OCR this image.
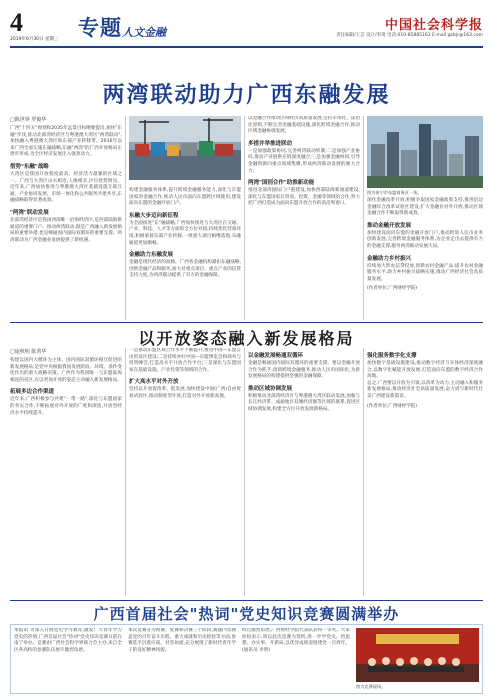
4
2019年6月30日 星期三 专题 人文金融	中国社会科学报
责任编辑/王芸 设计/李琦 电话:010-85885163 E-mail:gsbjr@163.com
两湾联动助力广西东融发展
□陈世界 罗俊华
广西"十四五"规划和2035年远景目标纲要提出,加快"东融"步伐,推动北部湾经济区与粤港澳大湾区"两湾联动",加快融入粤港澳大湾区和东部产业转移带。2016年以来广西全面实施东融战略,东融"两湾"的广西开放格局正逐步形成,为全区经济发展注入强劲动力。
借势"东融"战略
大湾区是我国开放程度最高、经济活力最强的区域之一。广西与大湾区山水相连,人缘相亲,区位优势明显。近年来,广西加快推进与粤港澳大湾区基础设施互联互通、产业协同发展、市场一体化和公共服务共建共享,东融战略取得显著成效。
"两湾"联动发展
北部湾经济区是我国西部唯一沿海经济区,是西部陆海新通道的重要门户。推动两湾联动,既是广西融入新发展格局的重要举措,也是畅通国内国际双循环的重要支撑。两湾联动为广西金融业发展提供了新机遇。
构建金融服务体系,提升跨境金融服务能力,深化与东盟国家的金融合作,推动人民币面向东盟跨区域使用,建设面向东盟的金融开放门户。
东融大步迈向新征程
为全面推进"东"融战略,广西加快推进与大湾区在交通、产业、科技、人才等方面的全方位对接,持续优化营商环境,积极承接东部产业转移,一批重大项目相继落地,东融通道更加顺畅。
金融助力东融发展
金融是现代经济的血脉。广西各金融机构紧扣东融战略,创新金融产品和服务,加大对重点项目、重点产业的信贷支持力度,为两湾联动提供了有力的金融保障。
以金融合作推动区域经济高质量发展,坚持市场化、法治化原则,不断完善金融基础设施,深化跨境金融合作,推动区域金融协调发展。
多措并举推进联动
一是加强政策协同,完善两湾联动机制;二是加强产业协同,推动产业链供应链深度融合;三是加强金融协同,引导金融资源向重点领域集聚,形成两湾联动发展的强大合力。
两湾"国别合作"助推新动能
推进北部湾国际门户港建设,加快西部陆海新通道建设,深化与东盟国家在贸易、投资、金融等领域的合作,努力把广西打造成为面向东盟开放合作的前沿和窗口。
深化金融改革开放,积极争取国家金融政策支持,推进沿边金融综合改革试验区建设,扩大金融业对外开放,推动区域金融合作不断取得新成效。
推动金融开放发展
加快建设面向东盟的金融开放门户,推动跨境人民币业务创新发展,完善跨境金融服务体系,为企业走出去提供有力的金融支撑,服务两湾联动发展大局。
金融助力乡村振兴
持续加大涉农信贷投放,创新农村金融产品,提升农村金融服务水平,助力乡村振兴战略实施,推动广西经济社会高质量发展。
(作者单位:广西财经学院)
图为南宁市东盟商务区一角。
以开放姿态融入新发展格局
□庞秋明 陈善华
构建以国内大循环为主体、国内国际双循环相互促进的新发展格局,是党中央根据我国发展阶段、环境、条件变化作出的重大战略决策。广西作为我国唯一与东盟陆海相连的省区,应以更加开放的姿态主动融入新发展格局。
拓展多边合作渠道
近年来,广西积极参与共建"一带一路",深化与东盟国家的务实合作,不断拓展对外开放的广度和深度,开放型经济水平持续提升。
一是推动东盟区域合作水平不断提升,推进中国—东盟自由贸易区建设;二是持续办好中国—东盟博览会和商务与投资峰会,打造高水平开放合作平台;三是深化与东盟国家在基础设施、产业投资等领域的合作。
扩大高水平对外开放
坚持以开放促改革、促发展,加快建设中国(广西)自由贸易试验区,推动制度型开放,打造对外开放新高地。
以金融发展畅通双循环
金融是畅通国内国际双循环的重要支撑。要以金融开放合作为抓手,创新跨境金融服务,推动人民币国际化,为新发展格局的构建提供坚强的金融保障。
推动区域协调发展
积极推动北部湾经济区与粤港澳大湾区联动发展,加强与长江经济带、成渝地区双城经济圈等区域的联系,促进区域协调发展,构建全方位开放发展新格局。
强化服务数字化支撑
加快数字基础设施建设,推动数字经济与实体经济深度融合,以数字化赋能开放发展,打造面向东盟的数字经济合作高地。
总之,广西要以开放为引领,以改革为动力,主动融入和服务新发展格局,推动经济社会高质量发展,奋力谱写新时代壮美广西建设新篇章。
(作者单位:广西财经学院)
广西首届社会"热词"党史知识竞赛圆满举办
本报讯 为深入开展党史学习教育,激发广大青年学习党史的热情,广西首届社会"热词"党史知识竞赛日前在南宁举办。竞赛由广西社会科学界联合会主办,来自全区各高校的参赛队伍展开激烈角逐。
本次竞赛分为初赛、复赛和决赛三个阶段,赛题内容涵盖党的百年奋斗历程、重大成就和历史经验等方面,参赛选手沉着应战、对答如流,充分展现了新时代青年学子的良好精神风貌。
经过激烈角逐,广西财经学院代表队获得一等奖。大家纷纷表示,将以此次竞赛为契机,进一步学党史、悟思想、办实事、开新局,以优异成绩迎接建党一百周年。(通讯员 李明)
图为竞赛现场。
